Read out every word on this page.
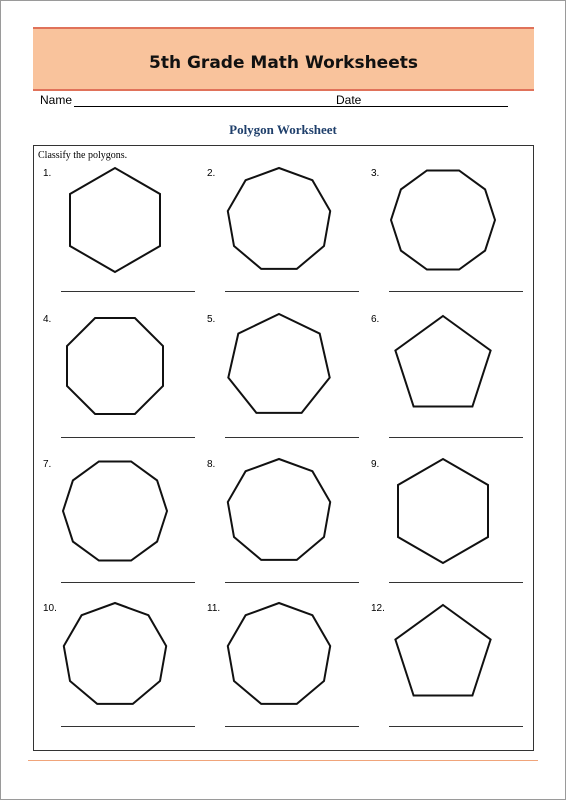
5th Grade Math Worksheets
Name	Date
Polygon Worksheet
Classify the polygons.
1.	2.	3.
4.	5.	6.
7.	8.	9.
10.	11.	12.
